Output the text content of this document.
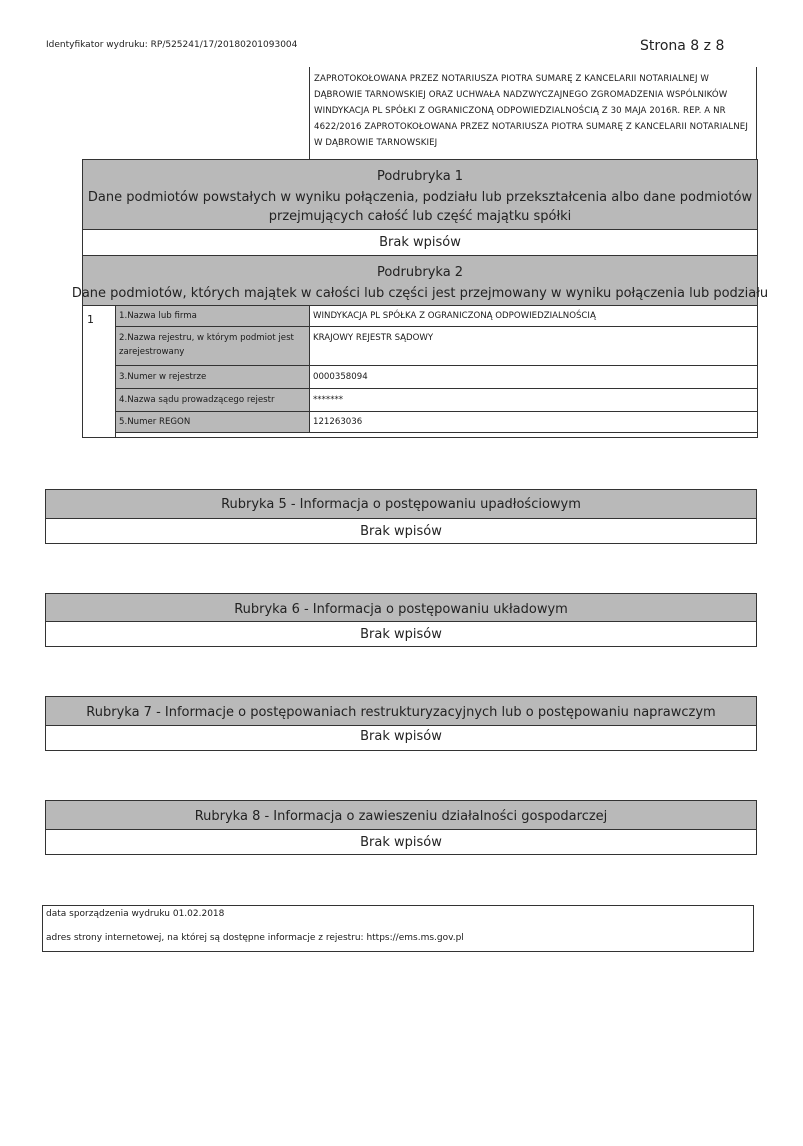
Identyfikator wydruku: RP/525241/17/20180201093004	Strona 8 z 8
ZAPROTOKOŁOWANA PRZEZ NOTARIUSZA PIOTRA SUMARĘ Z KANCELARII NOTARIALNEJ W DĄBROWIE TARNOWSKIEJ ORAZ UCHWAŁA NADZWYCZAJNEGO ZGROMADZENIA WSPÓLNIKÓW WINDYKACJA PL SPÓŁKI Z OGRANICZONĄ ODPOWIEDZIALNOŚCIĄ Z 30 MAJA 2016R. REP. A NR 4622/2016 ZAPROTOKOŁOWANA PRZEZ NOTARIUSZA PIOTRA SUMARĘ Z KANCELARII NOTARIALNEJ W DĄBROWIE TARNOWSKIEJ
Podrubryka 1
Dane podmiotów powstałych w wyniku połączenia, podziału lub przekształcenia albo dane podmiotów
przejmujących całość lub część majątku spółki
Brak wpisów
Podrubryka 2
Dane podmiotów, których majątek w całości lub części jest przejmowany w wyniku połączenia lub podziału
1	1.Nazwa lub firma
2.Nazwa rejestru, w którym podmiot jest zarejestrowany
3.Numer w rejestrze
4.Nazwa sądu prowadzącego rejestr
5.Numer REGON
WINDYKACJA PL SPÓŁKA Z OGRANICZONĄ ODPOWIEDZIALNOŚCIĄ
KRAJOWY REJESTR SĄDOWY
0000358094
*******
121263036
Rubryka 5 - Informacja o postępowaniu upadłościowym
Brak wpisów
Rubryka 6 - Informacja o postępowaniu układowym
Brak wpisów
Rubryka 7 - Informacje o postępowaniach restrukturyzacyjnych lub o postępowaniu naprawczym
Brak wpisów
Rubryka 8 - Informacja o zawieszeniu działalności gospodarczej
Brak wpisów
data sporządzenia wydruku 01.02.2018
adres strony internetowej, na której są dostępne informacje z rejestru: https://ems.ms.gov.pl
